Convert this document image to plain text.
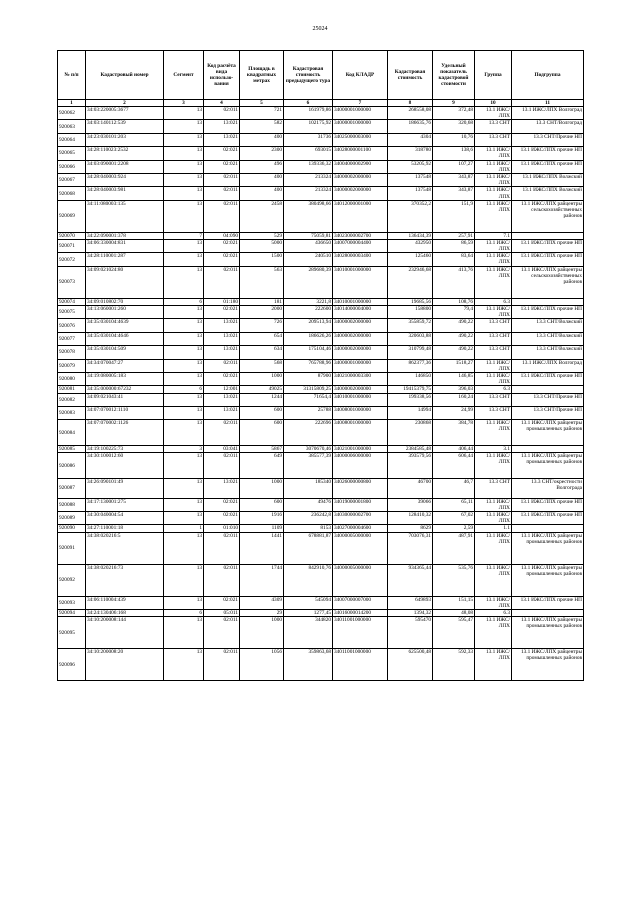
25024
№ п/п	Кадастровый номер	Сегмент	Код расчёта вида использо-вания	Площадь в квадратных метрах	Кадастровая стоимость предыдущего тура	Код КЛАДР	Кадастровая стоимость	Удельный показатель кадастровой стоимости	Группа	Подгруппа
1	2	3	4	5	6	7	8	9	10	11
920062	34:03:220005:3677	13	02:011	721	161979,86	34000001000000	268558,08	372,48	13.1 ИЖС/ЛПХ	13.1 ИЖС/ЛПХ Волгоград
920063	34:03:140112:539	13	13:021	582	102175,92	34000001000000	186635,76	320,68	13.3 СНТ	13.3 СНТ/Волгоград
920064	34:23:030101:203	13	13:021	400	31736	34025000003000	4304	10,76	13.3 СНТ	13.3 СНТ/Прочие НП
920065	34:28:110023:2532	13	02:021	2300	693015	34028000001100	318780	138,6	13.1 ИЖС/ЛПХ	13.1 ИЖС/ЛПХ прочие НП
920066	34:03:090001:2208	13	02:021	496	139336,32	34004000002900	53205,92	107,27	13.1 ИЖС/ЛПХ	13.1 ИЖС/ЛПХ прочие НП
920067	34:28:040003:924	13	02:011	400	213324	34000002000000	137548	343,87	13.1 ИЖС/ЛПХ	13.1 ИЖС/ЛПХ Волжский
920068	34:28:040003:981	13	02:011	400	213324	34000002000000	137548	343,87	13.1 ИЖС/ЛПХ	13.1 ИЖС/ЛПХ Волжский
920069	34:11:080003:135	13	02:011	2458	380498,66	34012000001000	370352,2	151,9	13.1 ИЖС/ЛПХ	13.1 ИЖС/ЛПХ райцентры сельскохозяйственных районов
920070	34:22:090001:378	7	04:090	529	75059,81	34023000002700	136434,39	257,91	7.1	
920071	34:06:330004:831	13	02:021	5000	436650	34007000004400	432950	86,59	13.1 ИЖС/ЛПХ	13.1 ИЖС/ЛПХ прочие НП
920072	34:28:110001:287	13	02:021	1500	240510	34028000003400	125460	83,64	13.1 ИЖС/ЛПХ	13.1 ИЖС/ЛПХ прочие НП
920073	34:09:021024:80	13	02:011	563	289680,39	34010001000000	232946,68	413,76	13.1 ИЖС/ЛПХ	13.1 ИЖС/ЛПХ райцентры сельскохозяйственных районов
920074	34:09:010802:70	6	01:180	181	3221,8	34010001000000	19685,56	108,76	6.3	
920075	34:13:060001:260	13	02:021	2000	222600	34014000004000	158800	79,4	13.1 ИЖС/ЛПХ	13.1 ИЖС/ЛПХ прочие НП
920076	34:35:030104:4639	13	13:021	726	209513,94	34000002000000	355859,72	490,22	13.3 СНТ	13.3 СНТ/Волжский
920077	34:35:030104:4646	13	13:021	654	186626,26	34000002000000	320603,88	490,22	13.3 СНТ	13.3 СНТ/Волжский
920078	34:35:030104:509	13	13:021	634	175104,46	34000002000000	310799,48	490,22	13.3 СНТ	13.3 СНТ/Волжский
920079	34:34:070047:27	13	02:011	568	765788,96	34000001000000	862377,36	1518,27	13.1 ИЖС/ЛПХ	13.1 ИЖС/ЛПХ Волгоград
920080	34:19:080005:183	13	02:021	1000	87900	34021000003300	146850	146,85	13.1 ИЖС/ЛПХ	13.1 ИЖС/ЛПХ прочие НП
920081	34:35:000000:67232	6	12:001	49025	31315809,25	34000002000000	19415379,75	396,03	6.3	
920082	34:09:021043:41	13	13:021	1244	71654,4	34010001000000	199338,56	160,24	13.3 СНТ	13.3 СНТ/Прочие НП
920083	34:07:070012:1110	13	13:021	600	25788	34008001000000	14994	24,99	13.3 СНТ	13.3 СНТ/Прочие НП
920084	34:07:070002:1126	13	02:011	600	222696	34008001000000	230868	384,78	13.1 ИЖС/ЛПХ	13.1 ИЖС/ЛПХ райцентры промышленных районов
920085	34:19:100225:73	3	03:041	5867	3070670,46	34021001000000	2384585,48	406,44	3.1	
920086	34:30:100012:60	13	02:011	649	385577,39	34000006000000	393579,56	606,44	13.1 ИЖС/ЛПХ	13.1 ИЖС/ЛПХ райцентры промышленных районов
920087	34:26:090101:49	13	13:021	1000	185340	34026000000800	46700	46,7	13.3 СНТ	13.3 СНТ/окрестности Волгограда
920088	34:17:130001:275	13	02:021	600	49476	34019000001800	39066	65,11	13.1 ИЖС/ЛПХ	13.1 ИЖС/ЛПХ прочие НП
920089	34:30:040004:54	13	02:021	1916	236242,8	34030000002700	128410,32	67,02	13.1 ИЖС/ЛПХ	13.1 ИЖС/ЛПХ прочие НП
920090	34:27:110001:18	1	01:010	1109	8153	34027000004600	8629	2,59	1.1	
920091	34:38:020216:5	13	02:011	1441	678881,87	34000005000000	703076,31	487,91	13.1 ИЖС/ЛПХ	13.1 ИЖС/ЛПХ райцентры промышленных районов
920092	34:38:020216:73	13	02:011	1744	842910,76	34000005000000	934365,44	535,76	13.1 ИЖС/ЛПХ	13.1 ИЖС/ЛПХ райцентры промышленных районов
920093	34:06:110004:439	13	02:021	4309	545094	34007000007000	649893	151,15	13.1 ИЖС/ЛПХ	13.1 ИЖС/ЛПХ прочие НП
920094	34:24:130406:168	6	05:011	29	1277,45	34016000014200	1394,32	48,08	6.3	
920095	34:10:200008:144	13	02:011	1000	344820	34011001000000	595470	595,47	13.1 ИЖС/ЛПХ	13.1 ИЖС/ЛПХ райцентры промышленных районов
920096	34:10:200008:20	13	02:011	1056	359863,68	34011001000000	625500,48	592,33	13.1 ИЖС/ЛПХ	13.1 ИЖС/ЛПХ райцентры промышленных районов
